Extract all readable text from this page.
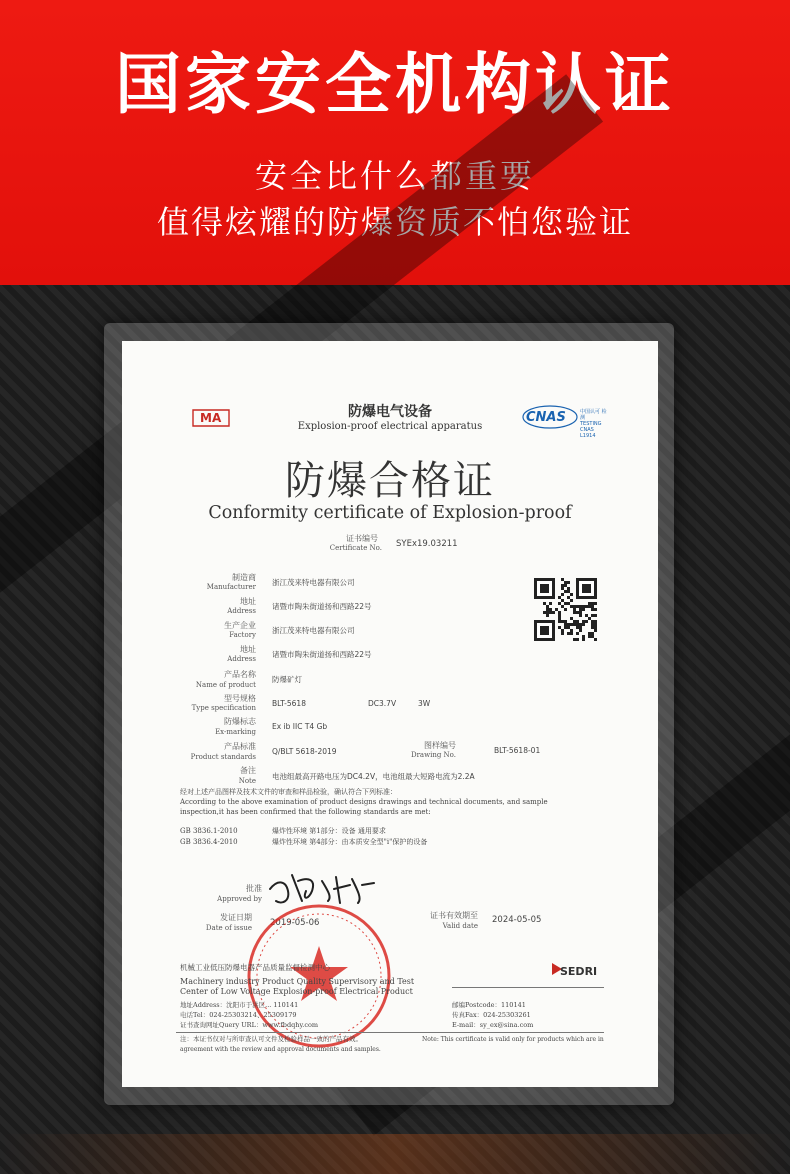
国家安全机构认证
安全比什么都重要
值得炫耀的防爆资质不怕您验证
MA	防爆电气设备
Explosion-proof electrical apparatus
CNAS	中国认可 检测 TESTING CNAS L1914
防爆合格证
Conformity certificate of Explosion-proof
证书编号
Certificate No. SYEx19.03211
制造商
Manufacturer 浙江茂来特电器有限公司
地址
Address 诸暨市陶朱街道扬和西路22号
生产企业
Factory 浙江茂来特电器有限公司
地址
Address 诸暨市陶朱街道扬和西路22号
产品名称
Name of product
防爆矿灯
型号规格
Type specification BLT-5618	DC3.7V	3W
防爆标志
Ex-marking
Ex ib IIC T4 Gb
产品标准
Product standards
Q/BLT 5618-2019
图样编号
Drawing No.	BLT-5618-01
备注
Note 电池组最高开路电压为DC4.2V，电池组最大短路电流为2.2A
经对上述产品图样及技术文件的审查和样品检验，确认符合下列标准：
According to the above examination of product designs drawings and technical documents, and sample
inspection,it has been confirmed that the following standards are met:
GB 3836.1-2010	爆炸性环境 第1部分：设备 通用要求
GB 3836.4-2010	爆炸性环境 第4部分：由本质安全型"i"保护的设备
批准
Approved by
发证日期
Date of issue 2019-05-06
证书有效期至
Valid date
2024-05-05
机械工业低压防爆电器产品质量监督检测中心
Machinery industry Product Quality Supervisory and Test
Center of Low Voltage Explosion-proof Electrical Product
SEDRI
地址Address：沈阳市于洪区... 110141
电话Tel：024-25303214、25309179
证书查询网址Query URL：www.fbdqhy.com
邮编Postcode：110141
传真Fax：024-25303261
E-mail：sy_ex@sina.com
注：本证书仅对与所审查认可文件及检验样品一致的产品有效。	Note: This certificate is valid only for products which are in
agreement with the review and approval documents and samples.
